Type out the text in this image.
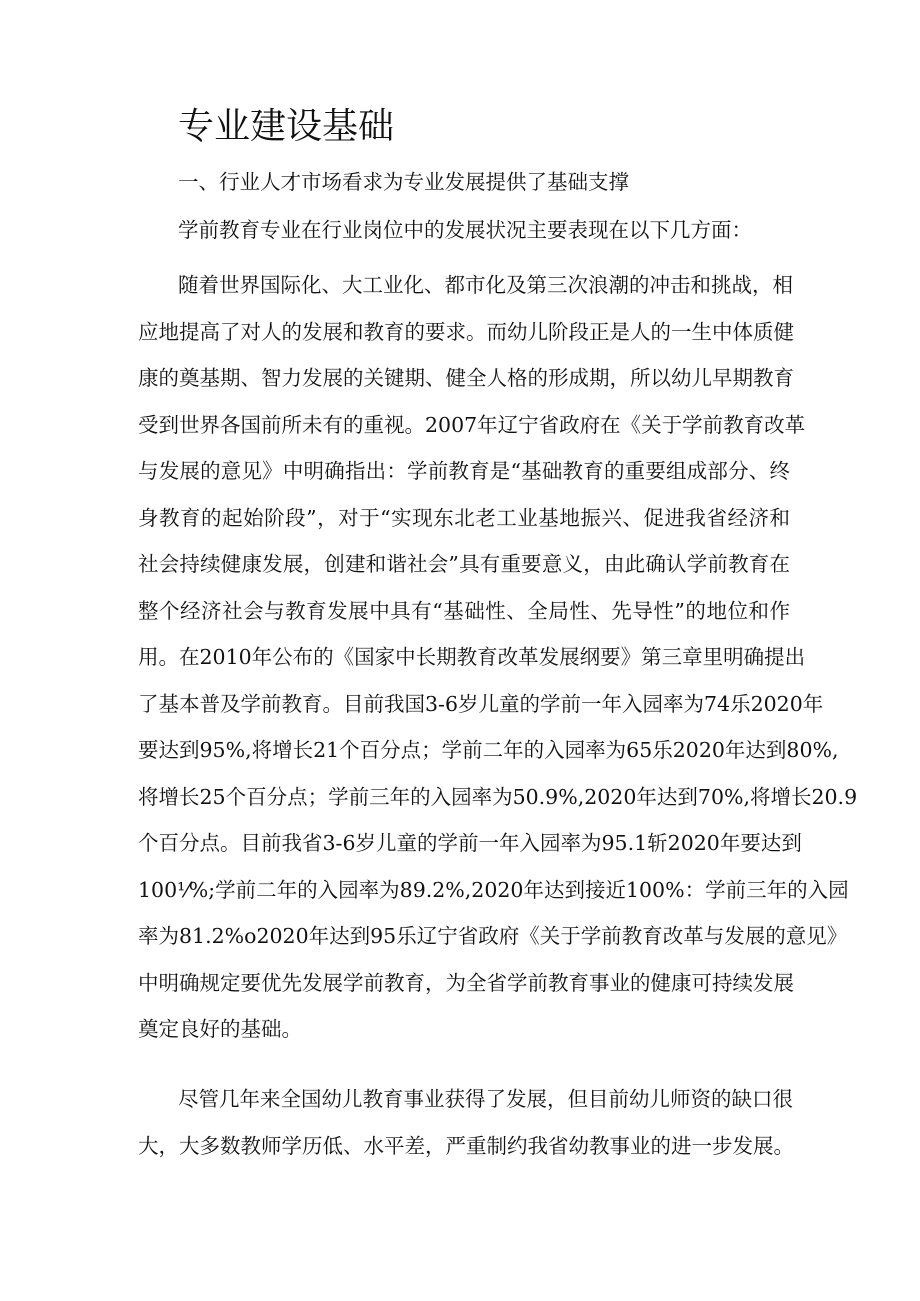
专业建设基础

一、行业人才市场看求为专业发展提供了基础支撑

学前教育专业在行业岗位中的发展状况主要表现在以下几方面：

随着世界国际化、大工业化、都市化及第三次浪潮的冲击和挑战，相
应地提高了对人的发展和教育的要求。而幼儿阶段正是人的一生中体质健
康的奠基期、智力发展的关键期、健全人格的形成期，所以幼儿早期教育
受到世界各国前所未有的重视。2007年辽宁省政府在《关于学前教育改革
与发展的意见》中明确指出：学前教育是“基础教育的重要组成部分、终
身教育的起始阶段”，对于“实现东北老工业基地振兴、促进我省经济和
社会持续健康发展，创建和谐社会”具有重要意义，由此确认学前教育在
整个经济社会与教育发展中具有“基础性、全局性、先导性”的地位和作
用。在2010年公布的《国家中长期教育改革发展纲要》第三章里明确提出
了基本普及学前教育。目前我国3-6岁儿童的学前一年入园率为74乐2020年
要达到95%,将增长21个百分点；学前二年的入园率为65乐2020年达到80%,
将增长25个百分点；学前三年的入园率为50.9%,2020年达到70%,将增长20.9
个百分点。目前我省3-6岁儿童的学前一年入园率为95.1斩2020年要达到
100⅟%;学前二年的入园率为89.2%,2020年达到接近100%：学前三年的入园
率为81.2%o2020年达到95乐辽宁省政府《关于学前教育改革与发展的意见》
中明确规定要优先发展学前教育，为全省学前教育事业的健康可持续发展
奠定良好的基础。
尽管几年来全国幼儿教育事业获得了发展，但目前幼儿师资的缺口很
大，大多数教师学历低、水平差，严重制约我省幼教事业的进一步发展。
